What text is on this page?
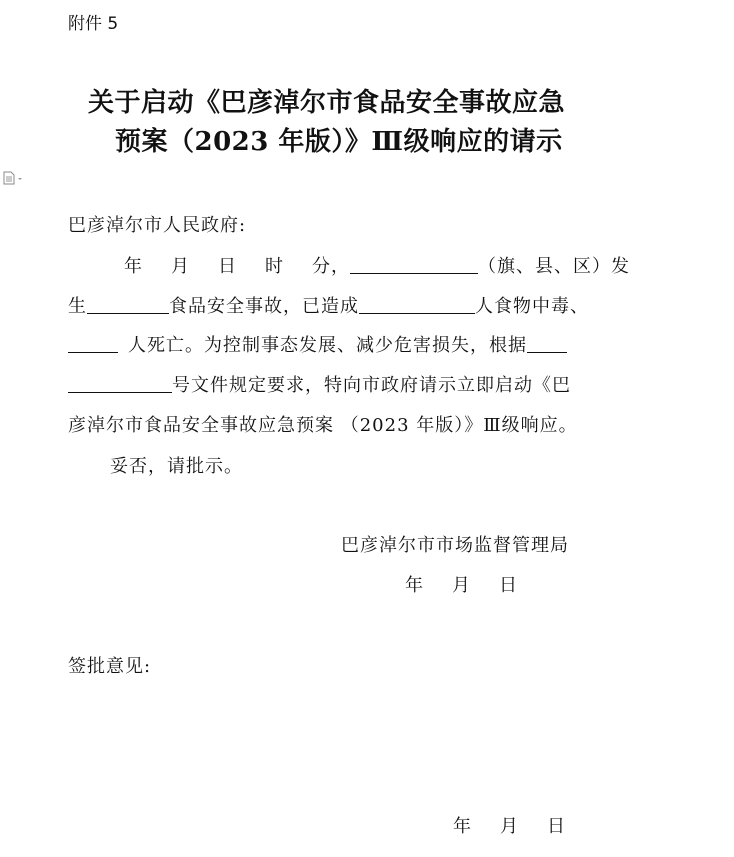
附件 5
关于启动《巴彦淖尔市食品安全事故应急
预案（2023 年版）》Ⅲ级响应的请示
巴彦淖尔市人民政府:
年 月 日 时 分，	（旗、县、区）发
生	食品安全事故，已造成	人食物中毒、
人死亡。为控制事态发展、减少危害损失，根据
号文件规定要求，特向市政府请示立即启动《巴
彦淖尔市食品安全事故应急预案 （2023 年版）》Ⅲ级响应。
妥否，请批示。
巴彦淖尔市市场监督管理局
年 月 日
签批意见:
年 月 日
